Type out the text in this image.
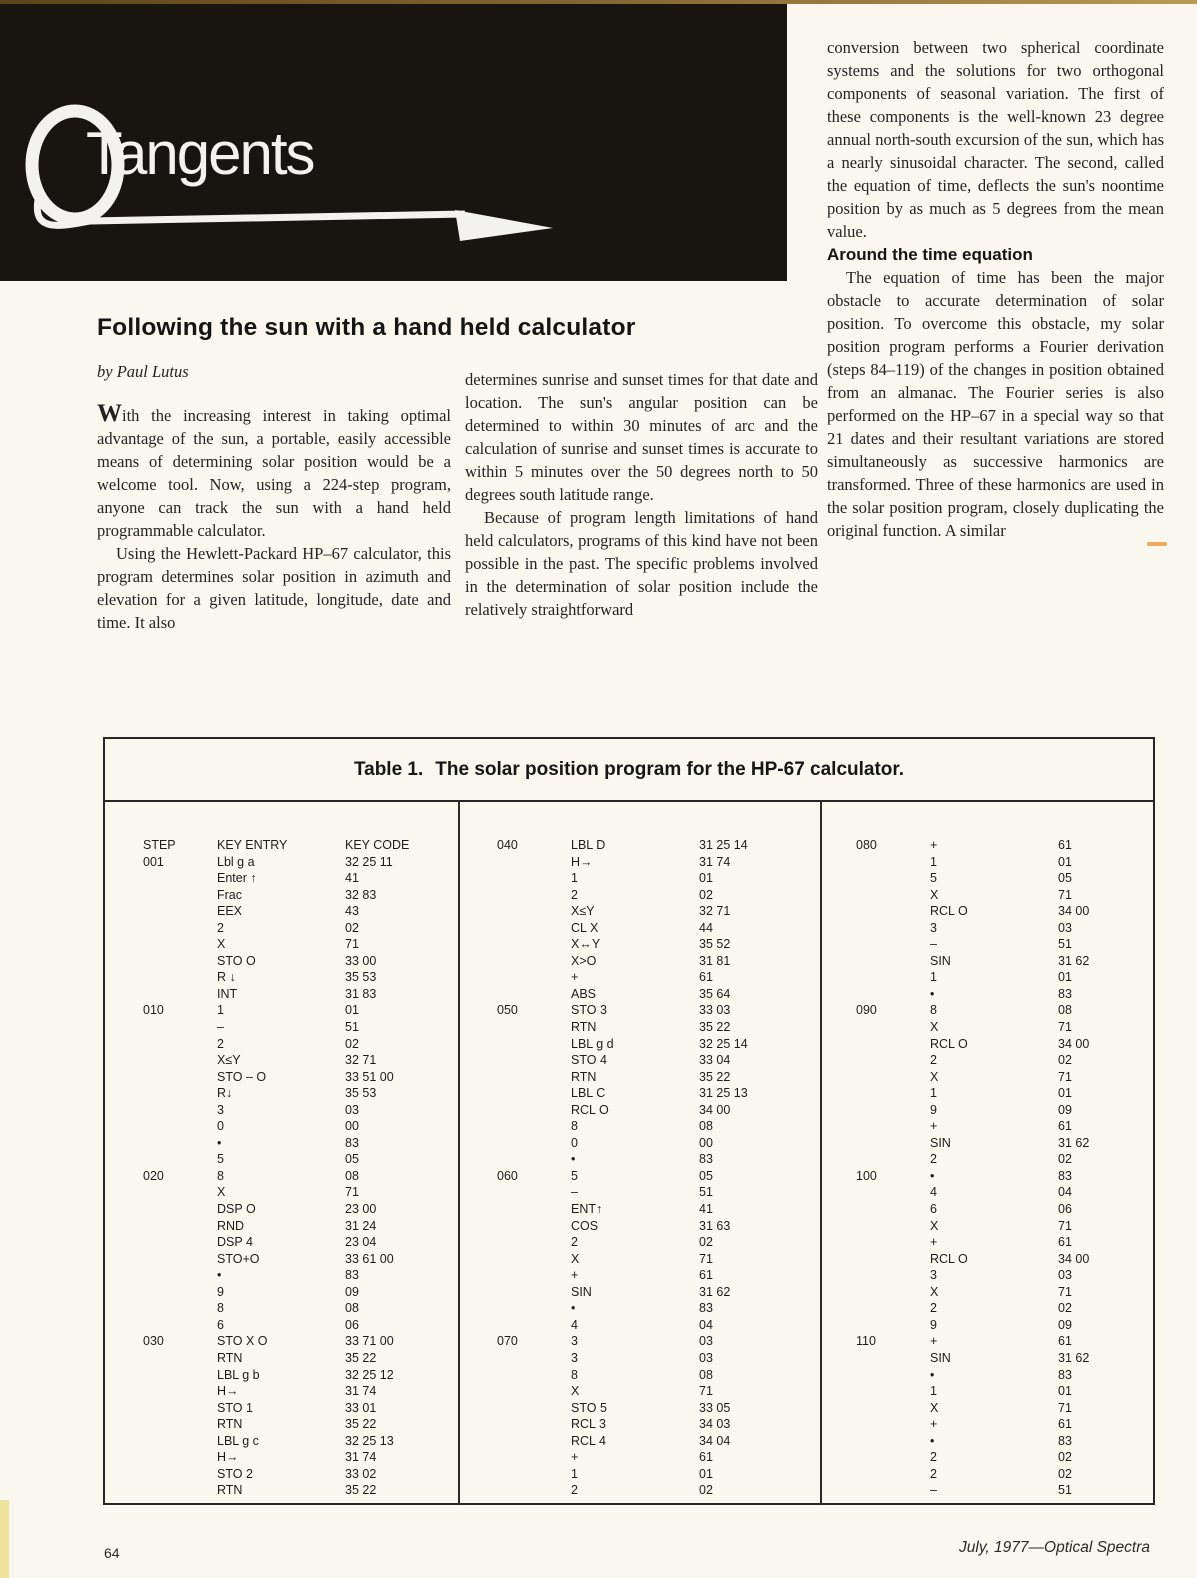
Tangents

conversion between two spherical coordinate systems and the solutions for two orthogonal components of seasonal variation. The first of these components is the well-known 23 degree annual north-south excursion of the sun, which has a nearly sinusoidal character. The second, called the equation of time, deflects the sun's noontime position by as much as 5 degrees from the mean value.

Around the time equation

The equation of time has been the major obstacle to accurate determination of solar position. To overcome this obstacle, my solar position program performs a Fourier derivation (steps 84–119) of the changes in position obtained from an almanac. The Fourier series is also performed on the HP–67 in a special way so that 21 dates and their resultant variations are stored simultaneously as successive harmonics are transformed. Three of these harmonics are used in the solar position program, closely duplicating the original function. A similar

Following the sun with a hand held calculator
by Paul Lutus

With the increasing interest in taking optimal advantage of the sun, a portable, easily accessible means of determining solar position would be a welcome tool. Now, using a 224-step program, anyone can track the sun with a hand held programmable calculator.

Using the Hewlett-Packard HP–67 calculator, this program determines solar position in azimuth and elevation for a given latitude, longitude, date and time. It also

determines sunrise and sunset times for that date and location. The sun's angular position can be determined to within 30 minutes of arc and the calculation of sunrise and sunset times is accurate to within 5 minutes over the 50 degrees north to 50 degrees south latitude range.

Because of program length limitations of hand held calculators, programs of this kind have not been possible in the past. The specific problems involved in the determination of solar position include the relatively straightforward

Table 1. The solar position program for the HP-67 calculator.
STEP	KEY ENTRY	KEY CODE
001	Lbl g a	32 25 11
Enter ↑	41
Frac	32 83
EEX	43
2	02
X	71
STO O	33 00
R ↓	35 53
INT	31 83
010	1	01
–	51
2	02
X≤Y	32 71
STO – O	33 51 00
R↓	35 53
3	03
0	00
•	83
5	05
020	8	08
X	71
DSP O	23 00
RND	31 24
DSP 4	23 04
STO+O	33 61 00
•	83
9	09
8	08
6	06
030	STO X O	33 71 00
RTN	35 22
LBL g b	32 25 12
H→	31 74
STO 1	33 01
RTN	35 22
LBL g c	32 25 13
H→	31 74
STO 2	33 02
RTN	35 22
040	LBL D	31 25 14
H→	31 74
1	01
2	02
X≤Y	32 71
CL X	44
X↔Y	35 52
X>O	31 81
+	61
ABS	35 64
050	STO 3	33 03
RTN	35 22
LBL g d	32 25 14
STO 4	33 04
RTN	35 22
LBL C	31 25 13
RCL O	34 00
8	08
0	00
•	83
060	5	05
–	51
ENT↑	41
COS	31 63
2	02
X	71
+	61
SIN	31 62
•	83
4	04
070	3	03
3	03
8	08
X	71
STO 5	33 05
RCL 3	34 03
RCL 4	34 04
+	61
1	01
2	02
080	+	61
1	01
5	05
X	71
RCL O	34 00
3	03
–	51
SIN	31 62
1	01
•	83
090	8	08
X	71
RCL O	34 00
2	02
X	71
1	01
9	09
+	61
SIN	31 62
2	02
100	•	83
4	04
6	06
X	71
+	61
RCL O	34 00
3	03
X	71
2	02
9	09
110	+	61
SIN	31 62
•	83
1	01
X	71
+	61
•	83
2	02
2	02
–	51
64	July, 1977—Optical Spectra
